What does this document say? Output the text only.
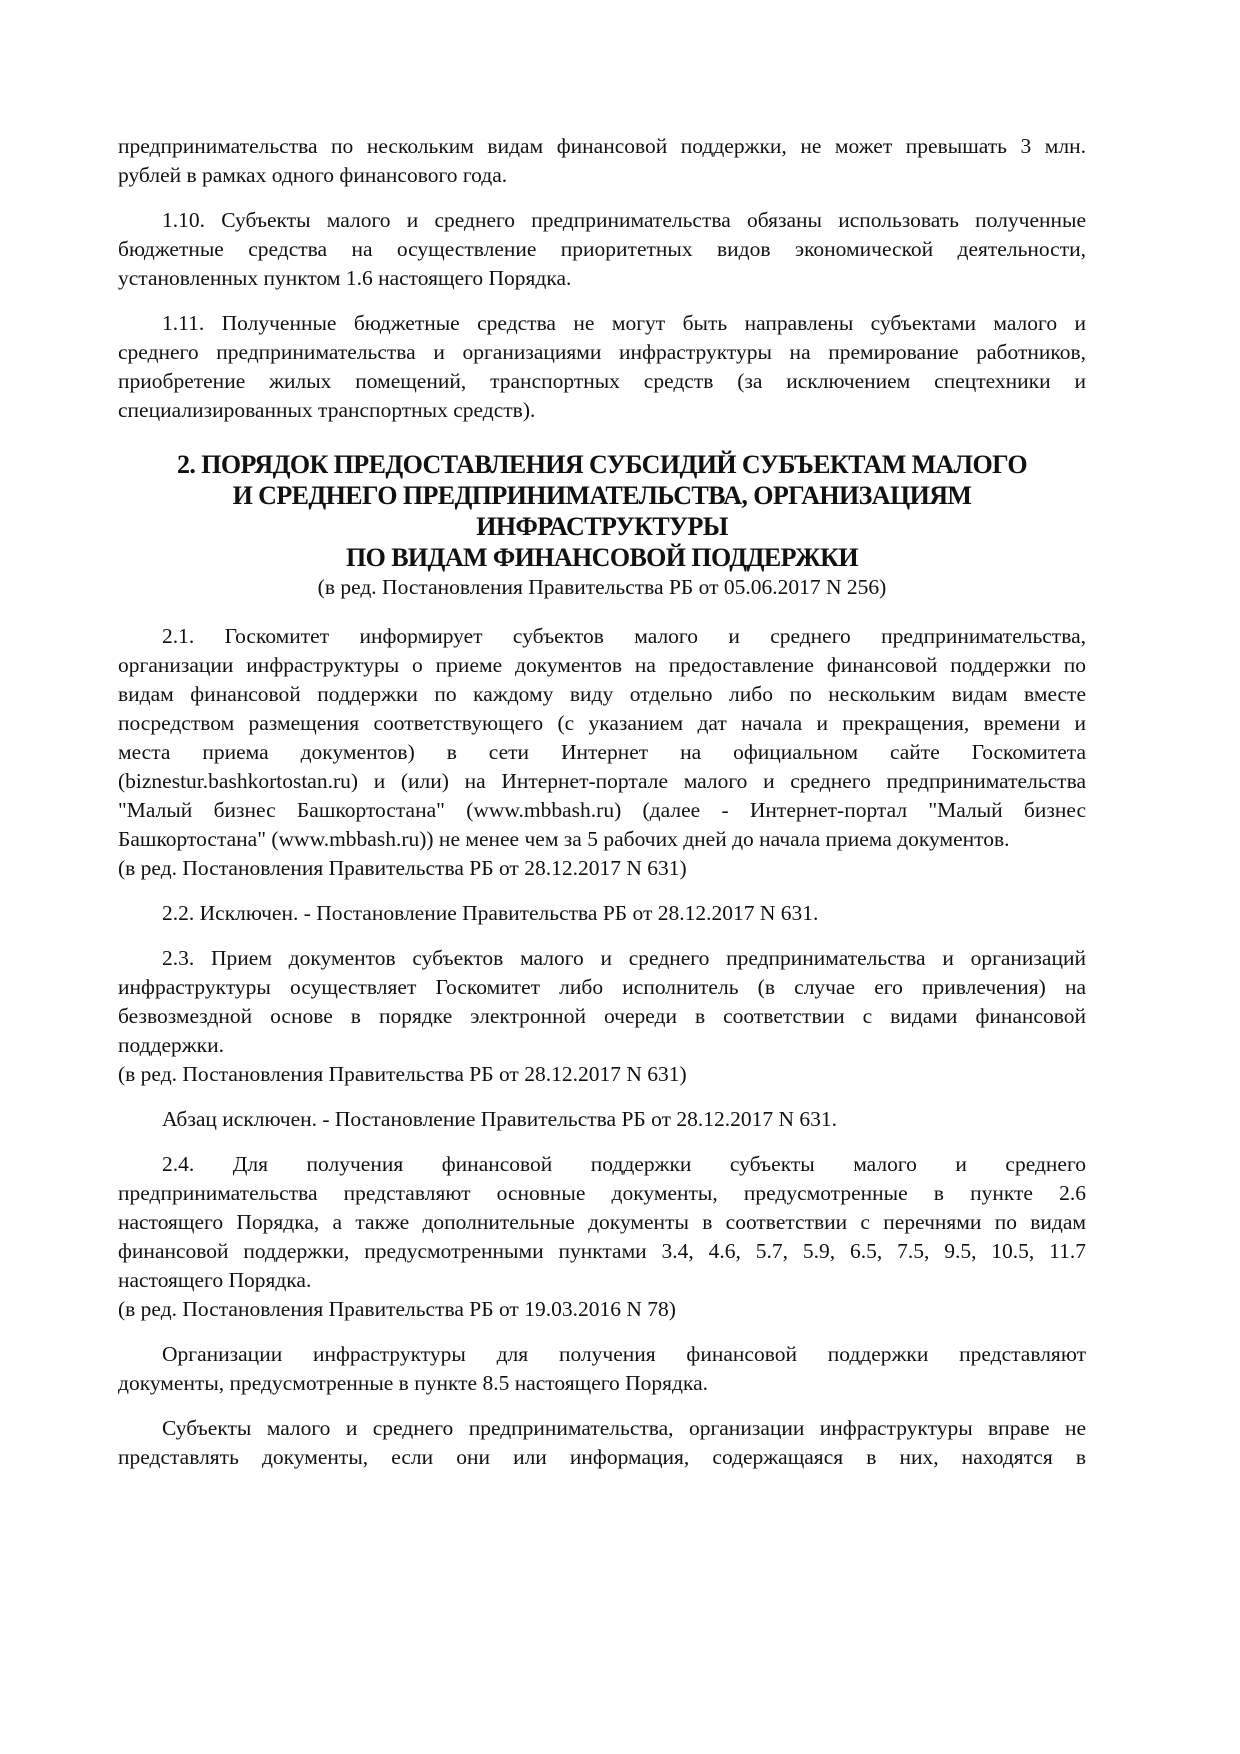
предпринимательства по нескольким видам финансовой поддержки, не может превышать 3 млн.
рублей в рамках одного финансового года.
1.10. Субъекты малого и среднего предпринимательства обязаны использовать полученные
бюджетные средства на осуществление приоритетных видов экономической деятельности,
установленных пунктом 1.6 настоящего Порядка.
1.11. Полученные бюджетные средства не могут быть направлены субъектами малого и
среднего предпринимательства и организациями инфраструктуры на премирование работников,
приобретение жилых помещений, транспортных средств (за исключением спецтехники и
специализированных транспортных средств).
2. ПОРЯДОК ПРЕДОСТАВЛЕНИЯ СУБСИДИЙ СУБЪЕКТАМ МАЛОГО
И СРЕДНЕГО ПРЕДПРИНИМАТЕЛЬСТВА, ОРГАНИЗАЦИЯМ
ИНФРАСТРУКТУРЫ
ПО ВИДАМ ФИНАНСОВОЙ ПОДДЕРЖКИ
(в ред. Постановления Правительства РБ от 05.06.2017 N 256)
2.1. Госкомитет информирует субъектов малого и среднего предпринимательства,
организации инфраструктуры о приеме документов на предоставление финансовой поддержки по
видам финансовой поддержки по каждому виду отдельно либо по нескольким видам вместе
посредством размещения соответствующего (с указанием дат начала и прекращения, времени и
места приема документов) в сети Интернет на официальном сайте Госкомитета
(biznestur.bashkortostan.ru) и (или) на Интернет-портале малого и среднего предпринимательства
"Малый бизнес Башкортостана" (www.mbbash.ru) (далее - Интернет-портал "Малый бизнес
Башкортостана" (www.mbbash.ru)) не менее чем за 5 рабочих дней до начала приема документов.
(в ред. Постановления Правительства РБ от 28.12.2017 N 631)
2.2. Исключен. - Постановление Правительства РБ от 28.12.2017 N 631.
2.3. Прием документов субъектов малого и среднего предпринимательства и организаций
инфраструктуры осуществляет Госкомитет либо исполнитель (в случае его привлечения) на
безвозмездной основе в порядке электронной очереди в соответствии с видами финансовой
поддержки.
(в ред. Постановления Правительства РБ от 28.12.2017 N 631)
Абзац исключен. - Постановление Правительства РБ от 28.12.2017 N 631.
2.4. Для получения финансовой поддержки субъекты малого и среднего
предпринимательства представляют основные документы, предусмотренные в пункте 2.6
настоящего Порядка, а также дополнительные документы в соответствии с перечнями по видам
финансовой поддержки, предусмотренными пунктами 3.4, 4.6, 5.7, 5.9, 6.5, 7.5, 9.5, 10.5, 11.7
настоящего Порядка.
(в ред. Постановления Правительства РБ от 19.03.2016 N 78)
Организации инфраструктуры для получения финансовой поддержки представляют
документы, предусмотренные в пункте 8.5 настоящего Порядка.
Субъекты малого и среднего предпринимательства, организации инфраструктуры вправе не
представлять документы, если они или информация, содержащаяся в них, находятся в
